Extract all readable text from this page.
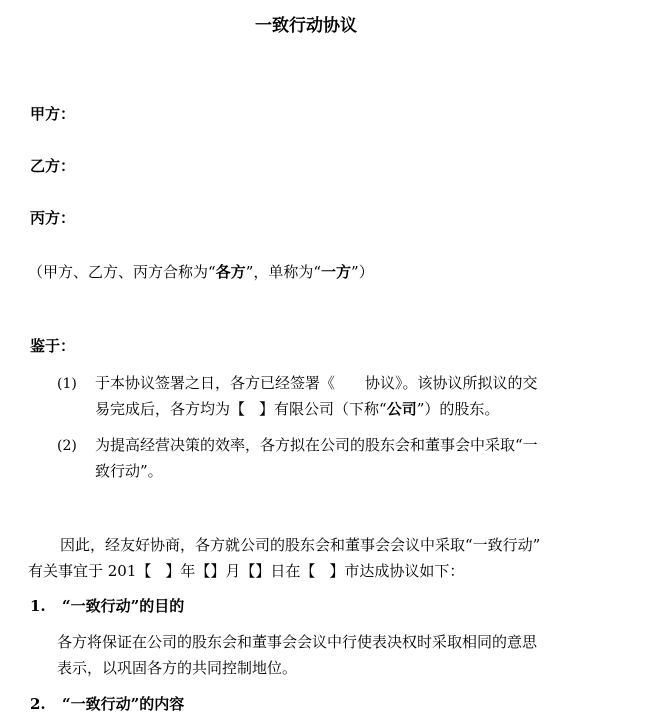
一致行动协议
甲方：
乙方：
丙方：
（甲方、乙方、丙方合称为“各方”，单称为“一方”）
鉴于：
(1) 于本协议签署之日，各方已经签署《 协议》。该协议所拟议的交
易完成后，各方均为【 】有限公司（下称“公司”）的股东。
(2) 为提高经营决策的效率，各方拟在公司的股东会和董事会中采取“一
致行动”。
因此，经友好协商，各方就公司的股东会和董事会会议中采取“一致行动”
有关事宜于 201【 】年【】月【】日在【 】市达成协议如下：
1. “一致行动”的目的
各方将保证在公司的股东会和董事会会议中行使表决权时采取相同的意思
表示，以巩固各方的共同控制地位。
2. “一致行动”的内容
